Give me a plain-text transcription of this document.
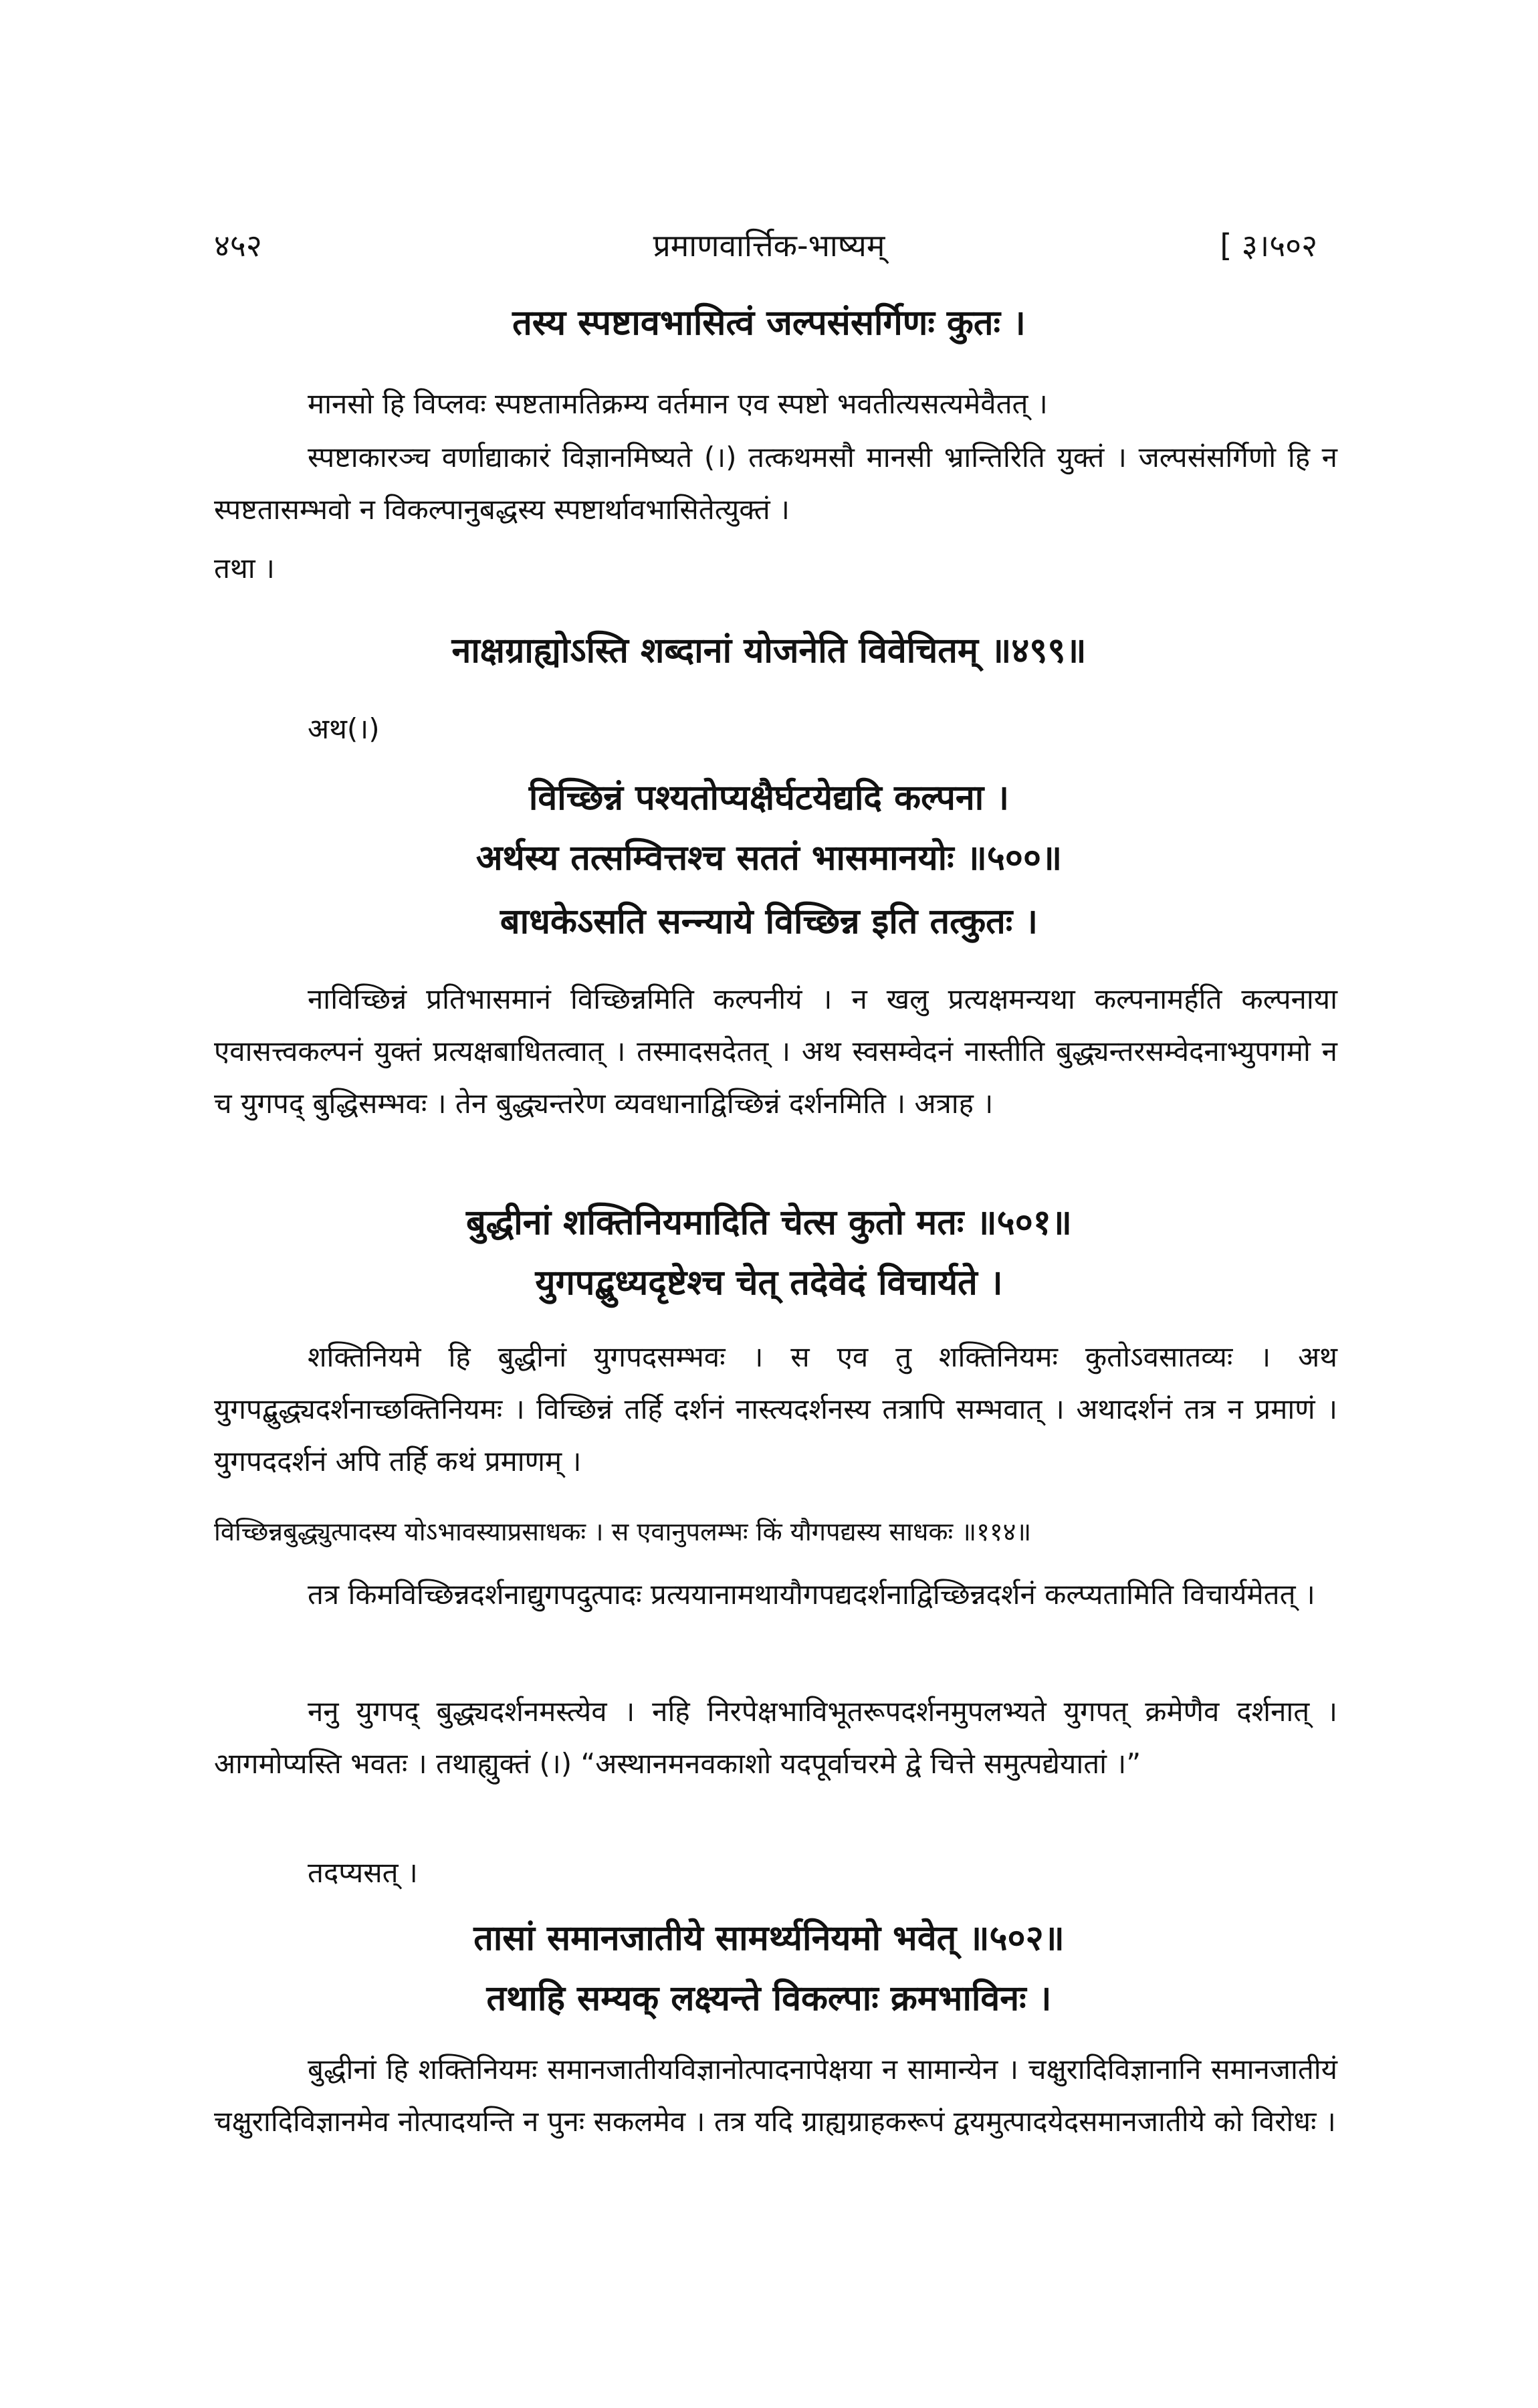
४५२	प्रमाणवार्त्तिक-भाष्यम्	[ ३।५०२
तस्य स्पष्टावभासित्वं जल्पसंसर्गिणः कुतः ।
मानसो हि विप्लवः स्पष्टतामतिक्रम्य वर्तमान एव स्पष्टो भवतीत्यसत्यमेवैतत् ।
स्पष्टाकारञ्च वर्णाद्याकारं विज्ञानमिष्यते (।) तत्कथमसौ मानसी भ्रान्तिरिति युक्तं । जल्पसंसर्गिणो हि न स्पष्टतासम्भवो न विकल्पानुबद्धस्य स्पष्टार्थावभासितेत्युक्तं ।
तथा ।
नाक्षग्राह्योऽस्ति शब्दानां योजनेति विवेचितम् ॥४९९॥
अथ(।)
विच्छिन्नं पश्यतोप्यक्षैर्घटयेद्यदि कल्पना ।
अर्थस्य तत्सम्वित्तश्च सततं भासमानयोः ॥५००॥
बाधकेऽसति सन्न्याये विच्छिन्न इति तत्कुतः ।
नाविच्छिन्नं प्रतिभासमानं विच्छिन्नमिति कल्पनीयं । न खलु प्रत्यक्षमन्यथा कल्पनामर्हति कल्पनाया एवासत्त्वकल्पनं युक्तं प्रत्यक्षबाधितत्वात् । तस्मादसदेतत् । अथ स्वसम्वेदनं नास्तीति बुद्ध्यन्तरसम्वेदनाभ्युपगमो न च युगपद् बुद्धिसम्भवः । तेन बुद्ध्यन्तरेण व्यवधानाद्विच्छिन्नं दर्शनमिति । अत्राह ।
बुद्धीनां शक्तिनियमादिति चेत्स कुतो मतः ॥५०१॥
युगपद्बुध्यदृष्टेश्च चेत् तदेवेदं विचार्यते ।
शक्तिनियमे हि बुद्धीनां युगपदसम्भवः । स एव तु शक्तिनियमः कुतोऽवसातव्यः । अथ युगपद्बुद्ध्यदर्शनाच्छक्तिनियमः । विच्छिन्नं तर्हि दर्शनं नास्त्यदर्शनस्य तत्रापि सम्भवात् । अथादर्शनं तत्र न प्रमाणं । युगपददर्शनं अपि तर्हि कथं प्रमाणम् ।
विच्छिन्नबुद्ध्युत्पादस्य योऽभावस्याप्रसाधकः । स एवानुपलम्भः किं यौगपद्यस्य साधकः ॥११४॥
तत्र किमविच्छिन्नदर्शनाद्युगपदुत्पादः प्रत्ययानामथायौगपद्यदर्शनाद्विच्छिन्नदर्शनं कल्प्यतामिति विचार्यमेतत् ।
ननु युगपद् बुद्ध्यदर्शनमस्त्येव । नहि निरपेक्षभाविभूतरूपदर्शनमुपलभ्यते युगपत् क्रमेणैव दर्शनात् । आगमोप्यस्ति भवतः । तथाह्युक्तं (।) “अस्थानमनवकाशो यदपूर्वाचरमे द्वे चित्ते समुत्पद्येयातां ।”
तदप्यसत् ।
तासां समानजातीये सामर्थ्यनियमो भवेत् ॥५०२॥
तथाहि सम्यक् लक्ष्यन्ते विकल्पाः क्रमभाविनः ।
बुद्धीनां हि शक्तिनियमः समानजातीयविज्ञानोत्पादनापेक्षया न सामान्येन । चक्षुरादिविज्ञानानि समानजातीयं चक्षुरादिविज्ञानमेव नोत्पादयन्ति न पुनः सकलमेव । तत्र यदि ग्राह्यग्राहकरूपं द्वयमुत्पादयेदसमानजातीये को विरोधः ।
